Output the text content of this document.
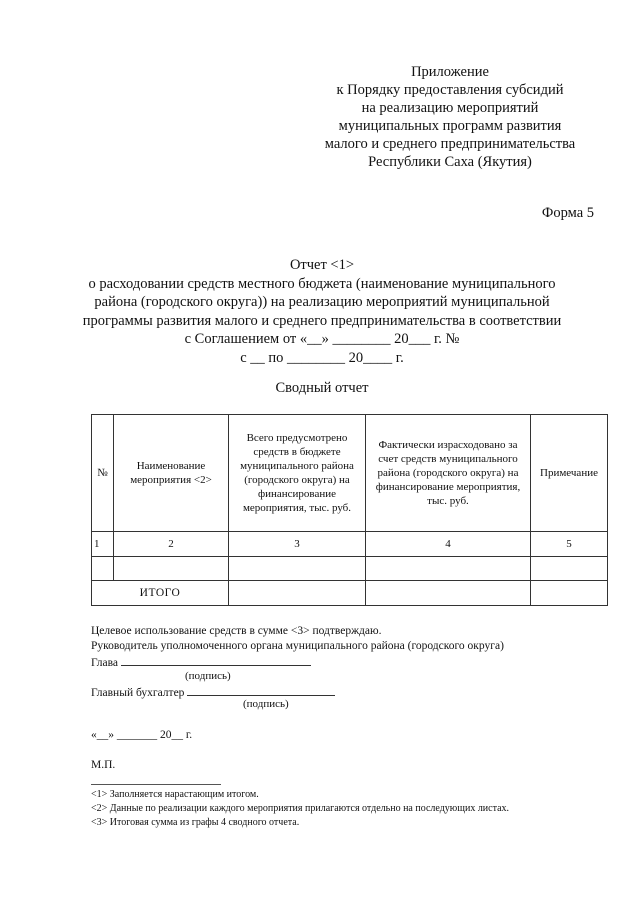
Приложение
к Порядку предоставления субсидий
на реализацию мероприятий
муниципальных программ развития
малого и среднего предпринимательства
Республики Саха (Якутия)
Форма 5
Отчет <1>
о расходовании средств местного бюджета (наименование муниципального
района (городского округа)) на реализацию мероприятий муниципальной
программы развития малого и среднего предпринимательства в соответствии
с Соглашением от «__» ________ 20___ г. №
с __ по ________ 20____ г.
Сводный отчет
№	Наименование мероприятия <2>	Всего предусмотрено средств в бюджете муниципального района (городского округа) на финансирование мероприятия, тыс. руб.	Фактически израсходовано за счет средств муниципального района (городского округа) на финансирование мероприятия, тыс. руб.	Примечание
1	2	3	4	5

ИТОГО				
Целевое использование средств в сумме <3> подтверждаю.
Руководитель уполномоченного органа муниципального района (городского округа)
Глава
Главный бухгалтер
(подпись)
(подпись)
«__» _______ 20__ г.
М.П.
<1> Заполняется нарастающим итогом.
<2> Данные по реализации каждого мероприятия прилагаются отдельно на последующих листах.
<3> Итоговая сумма из графы 4 сводного отчета.
